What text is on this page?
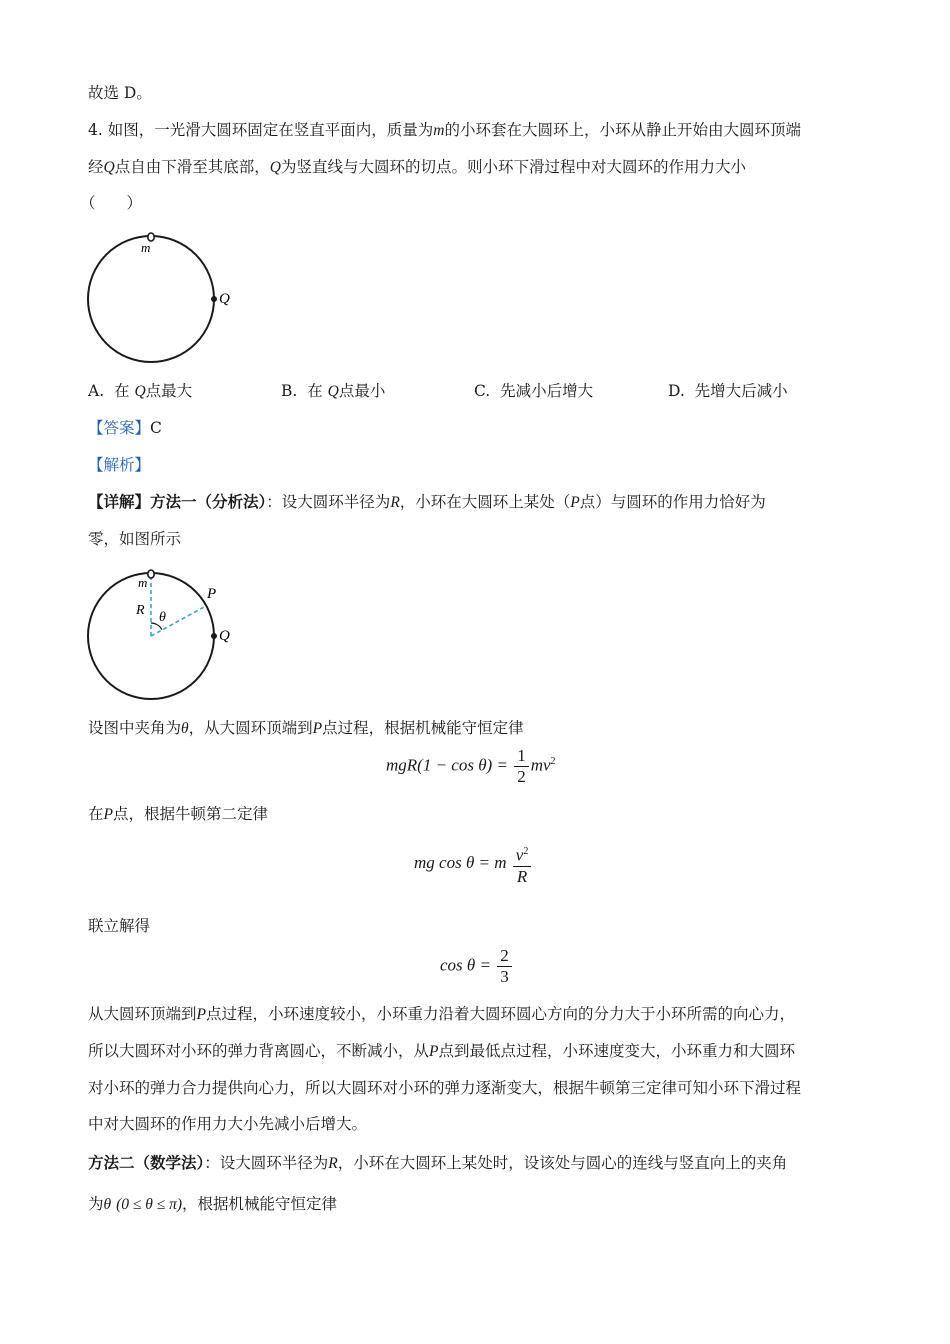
故选 D。
4. 如图，一光滑大圆环固定在竖直平面内，质量为m的小环套在大圆环上，小环从静止开始由大圆环顶端
经Q点自由下滑至其底部，Q为竖直线与大圆环的切点。则小环下滑过程中对大圆环的作用力大小
（　　）
m
Q
A. 在 Q点最大	B. 在 Q点最小	C. 先减小后增大	D. 先增大后减小
【答案】C
【解析】
【详解】方法一（分析法）：设大圆环半径为R，小环在大圆环上某处（P点）与圆环的作用力恰好为
零，如图所示
m
R θ
P
Q
设图中夹角为θ，从大圆环顶端到P点过程，根据机械能守恒定律
$mgR(1 - \cos \theta) = \frac{1}{2} mv^2$
在P点，根据牛顿第二定律
mg cos θ = m $\frac{v^2}{R}$
联立解得
$\cos \theta = \frac{2}{3}$
从大圆环顶端到P点过程，小环速度较小，小环重力沿着大圆环圆心方向的分力大于小环所需的向心力，
所以大圆环对小环的弹力背离圆心，不断减小，从P点到最低点过程，小环速度变大，小环重力和大圆环
对小环的弹力合力提供向心力，所以大圆环对小环的弹力逐渐变大，根据牛顿第三定律可知小环下滑过程
中对大圆环的作用力大小先减小后增大。
方法二（数学法）：设大圆环半径为R，小环在大圆环上某处时，设该处与圆心的连线与竖直向上的夹角
为θ (0 ≤ θ ≤ π)，根据机械能守恒定律
